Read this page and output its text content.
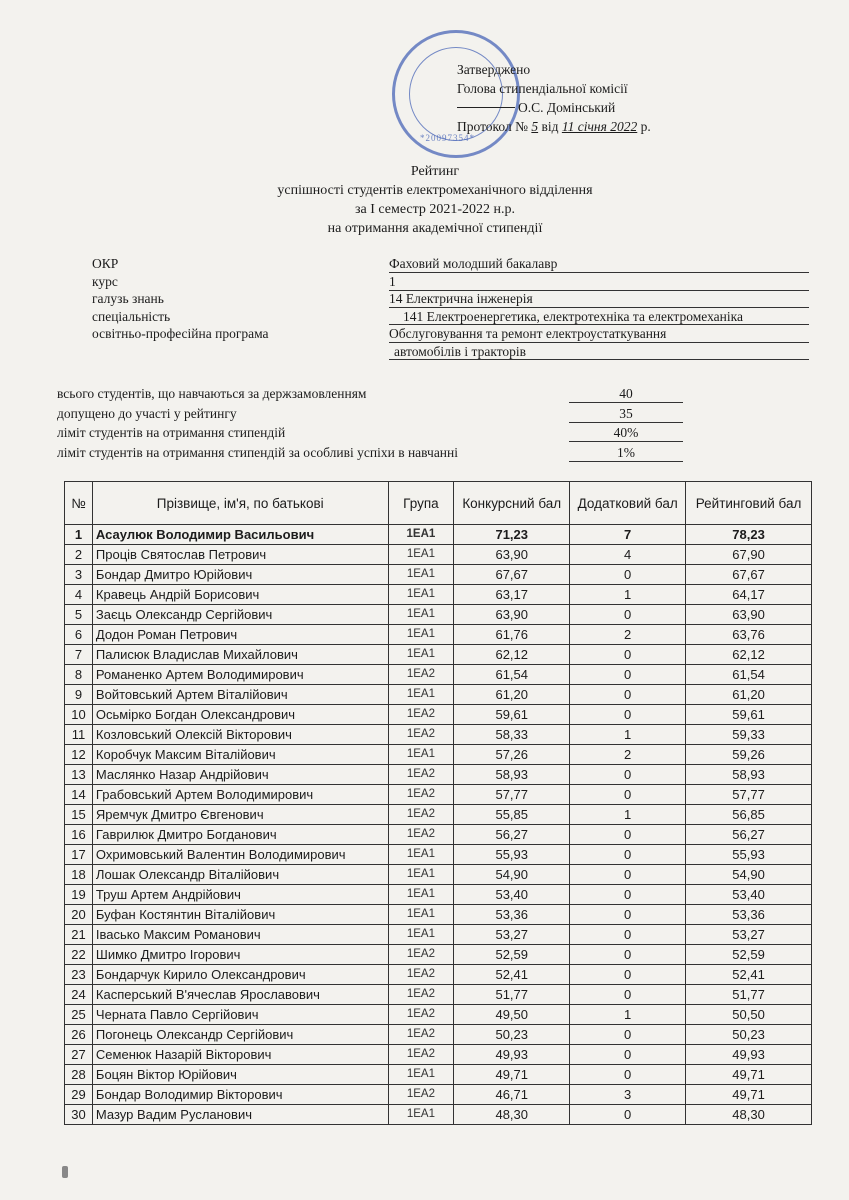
*20097354*
Затверджено
Голова стипендіальної комісії
О.С. Домінський
Протокол № 5 від 11 січня 2022 р.
Рейтинг
успішності студентів електромеханічного відділення
за І семестр 2021-2022 н.р.
на отримання академічної стипендії
ОКР	Фаховий молодший бакалавр
курс	1
галузь знань	14 Електрична інженерія
спеціальність	141 Електроенергетика, електротехніка та електромеханіка
освітньо-професійна програма	Обслуговування та ремонт електроустаткування
автомобілів і тракторів
всього студентів, що навчаються за держзамовленням	40
допущено до участі у рейтингу	35
ліміт студентів на отримання стипендій	40%
ліміт студентів на отримання стипендій за особливі успіхи в навчанні	1%
№	Прізвище, ім'я, по батькові	Група	Конкурсний бал	Додатковий бал	Рейтинговий бал
1	Асаулюк Володимир Васильович	1ЕА1	71,23	7	78,23
2	Проців Святослав Петрович	1ЕА1	63,90	4	67,90
3	Бондар Дмитро Юрійович	1ЕА1	67,67	0	67,67
4	Кравець Андрій Борисович	1ЕА1	63,17	1	64,17
5	Заєць Олександр Сергійович	1ЕА1	63,90	0	63,90
6	Додон Роман Петрович	1ЕА1	61,76	2	63,76
7	Палисюк Владислав Михайлович	1ЕА1	62,12	0	62,12
8	Романенко Артем Володимирович	1ЕА2	61,54	0	61,54
9	Войтовський Артем Віталійович	1ЕА1	61,20	0	61,20
10	Осьмірко Богдан Олександрович	1ЕА2	59,61	0	59,61
11	Козловський Олексій Вікторович	1ЕА2	58,33	1	59,33
12	Коробчук Максим Віталійович	1ЕА1	57,26	2	59,26
13	Маслянко Назар Андрійович	1ЕА2	58,93	0	58,93
14	Грабовський Артем Володимирович	1ЕА2	57,77	0	57,77
15	Яремчук Дмитро Євгенович	1ЕА2	55,85	1	56,85
16	Гаврилюк Дмитро Богданович	1ЕА2	56,27	0	56,27
17	Охримовський Валентин Володимирович	1ЕА1	55,93	0	55,93
18	Лошак Олександр Віталійович	1ЕА1	54,90	0	54,90
19	Труш Артем Андрійович	1ЕА1	53,40	0	53,40
20	Буфан Костянтин Віталійович	1ЕА1	53,36	0	53,36
21	Івасько Максим Романович	1ЕА1	53,27	0	53,27
22	Шимко Дмитро Ігорович	1ЕА2	52,59	0	52,59
23	Бондарчук Кирило Олександрович	1ЕА2	52,41	0	52,41
24	Касперський В'ячеслав Ярославович	1ЕА2	51,77	0	51,77
25	Черната Павло Сергійович	1ЕА2	49,50	1	50,50
26	Погонець Олександр Сергійович	1ЕА2	50,23	0	50,23
27	Семенюк Назарій Вікторович	1ЕА2	49,93	0	49,93
28	Боцян Віктор Юрійович	1ЕА1	49,71	0	49,71
29	Бондар Володимир Вікторович	1ЕА2	46,71	3	49,71
30	Мазур Вадим Русланович	1ЕА1	48,30	0	48,30
